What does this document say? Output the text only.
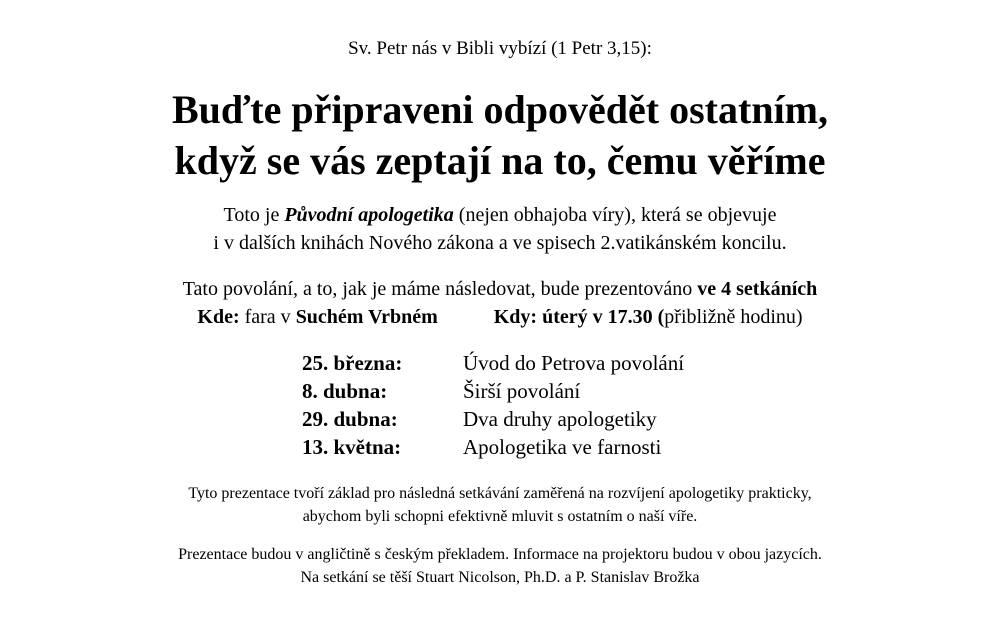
Sv. Petr nás v Bibli vybízí (1 Petr 3,15):
Buďte připraveni odpovědět ostatním,
když se vás zeptají na to, čemu věříme
Toto je Původní apologetika (nejen obhajoba víry), která se objevuje
i v dalších knihách Nového zákona a ve spisech 2.vatikánském koncilu.
Tato povolání, a to, jak je máme následovat, bude prezentováno ve 4 setkáních
Kde: fara v Suchém Vrbném	Kdy: úterý v 17.30 (přibližně hodinu)
25. března:	Úvod do Petrova povolání
8. dubna:	Širší povolání
29. dubna:	Dva druhy apologetiky
13. května:	Apologetika ve farnosti
Tyto prezentace tvoří základ pro následná setkávání zaměřená na rozvíjení apologetiky prakticky,
abychom byli schopni efektivně mluvit s ostatním o naší víře.
Prezentace budou v angličtině s českým překladem. Informace na projektoru budou v obou jazycích.
Na setkání se těší Stuart Nicolson, Ph.D. a P. Stanislav Brožka
